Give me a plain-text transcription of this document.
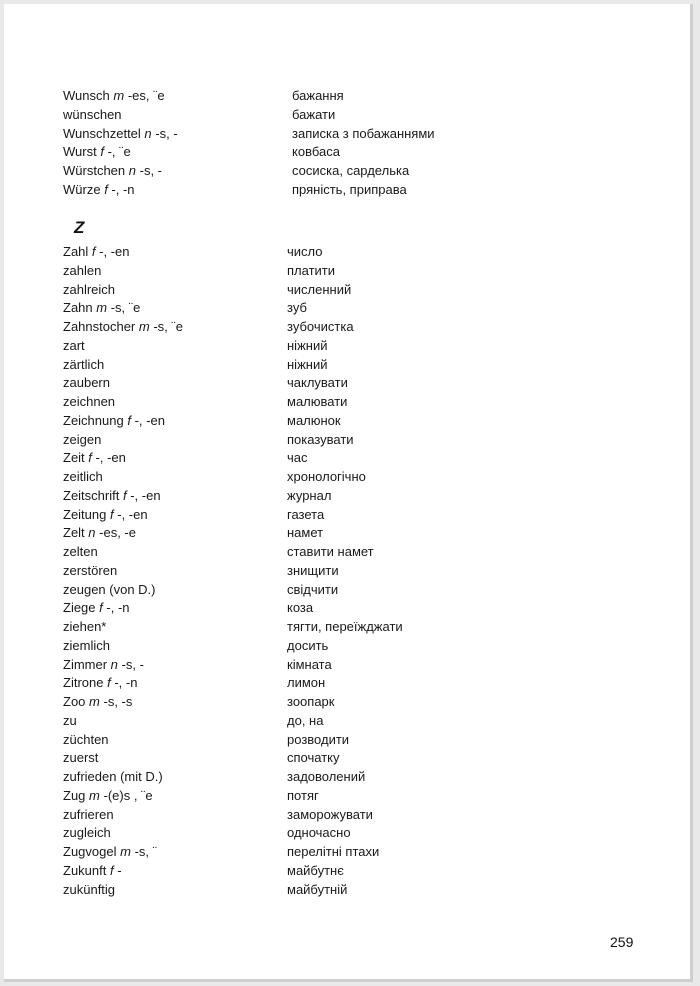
Wunsch m -es, ¨e	бажання
wünschen	бажати
Wunschzettel n -s, -	записка з побажаннями
Wurst f -, ¨e	ковбаса
Würstchen n -s, -	сосиска, сарделька
Würze f -, -n	пряність, приправа
Zahl f -, -en	число
zahlen	платити
zahlreich	численний
Zahn m -s, ¨e	зуб
Zahnstocher m -s, ¨e	зубочистка
zart	ніжний
zärtlich	ніжний
zaubern	чаклувати
zeichnen	малювати
Zeichnung f -, -en	малюнок
zeigen	показувати
Zeit f -, -en	час
zeitlich	хронологічно
Zeitschrift f -, -en	журнал
Zeitung f -, -en	газета
Zelt n -es, -e	намет
zelten	ставити намет
zerstören	знищити
zeugen (von D.)	свідчити
Ziege f -, -n	коза
ziehen*	тягти, переїжджати
ziemlich	досить
Zimmer n -s, -	кімната
Zitrone f -, -n	лимон
Zoo m -s, -s	зоопарк
zu	до, на
züchten	розводити
zuerst	спочатку
zufrieden (mit D.)	задоволений
Zug m -(e)s , ¨e	потяг
zufrieren	заморожувати
zugleich	одночасно
Zugvogel m -s, ¨	перелітні птахи
Zukunft f -	майбутнє
zukünftig	майбутній
Z
259
